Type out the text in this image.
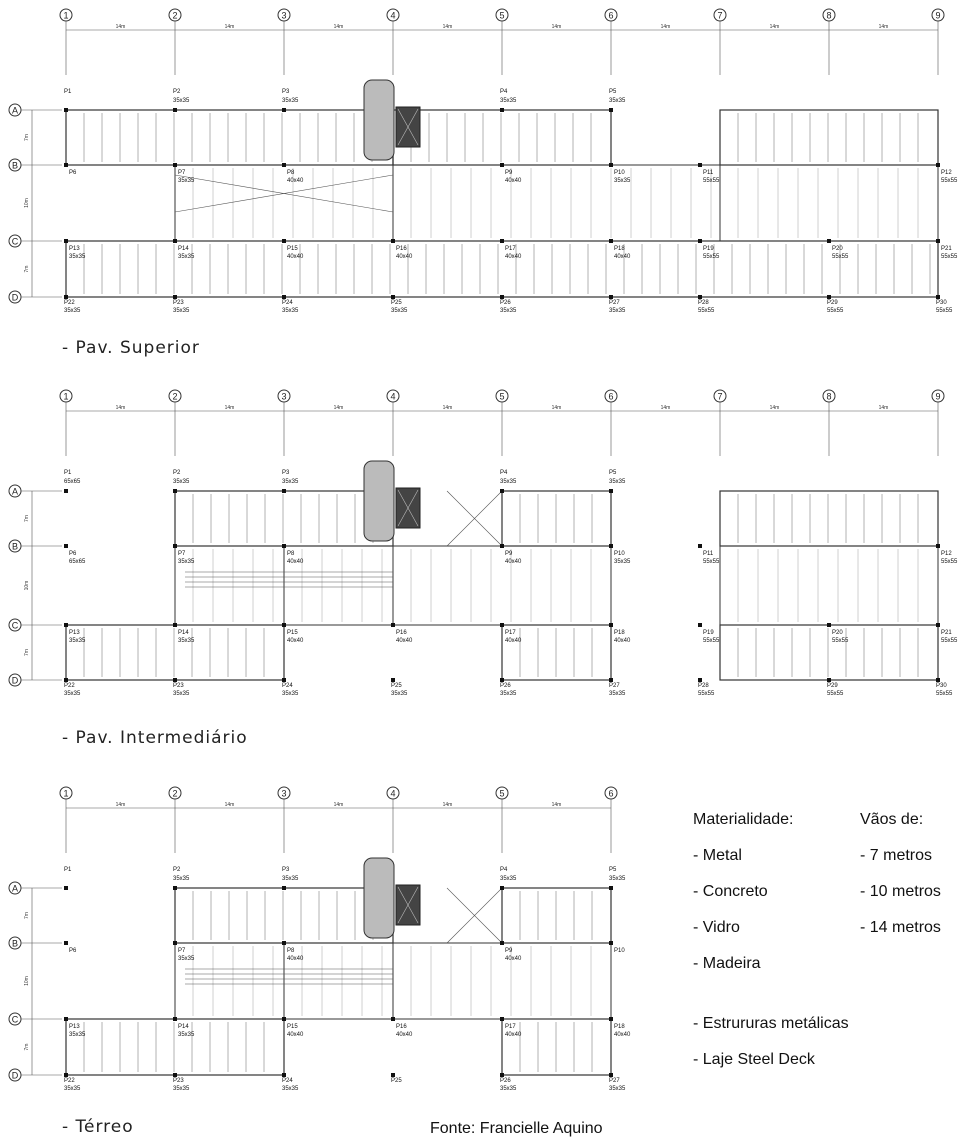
1	2	3	4	5	6	7	8	9
14m	14m	14m	14m	14m	14m	14m	14m
A
B
C
D
7m
10m
7m
P1	P2
35x35
P3
35x35
P4
35x35
P5
35x35
P22
35x35
P23
35x35
P24
35x35
P25
35x35
P26
35x35
P27
35x35
P28
55x55
P29
55x55
P30
55x55
P13
35x35
P14
35x35
P15
40x40
P16
40x40
P17
40x40
P18
40x40
P19
55x55
P20
55x55
P21
55x55
P7
35x35
P8
40x40
P9
40x40
P10
35x35
P11
55x55
P12
55x55
P6
1	2	3	4	5	6	7	8	9
14m	14m	14m	14m	14m	14m	14m	14m
A
B
C
D
7m
10m
7m
P1
65x65
P2
35x35
P3
35x35
P4
35x35
P5
35x35
P22
35x35
P23
35x35
P24
35x35
P25
35x35
P26
35x35
P27
35x35
P28
55x55
P29
55x55
P30
55x55
P6
65x65
P7
35x35
P8
40x40
P9
40x40
P10
35x35
P11
55x55
P12
55x55
P13
35x35
P14
35x35
P15
40x40
P16
40x40
P17
40x40
P18
40x40
P19
55x55
P20
55x55
P21
55x55
1	2	3	4	5	6
14m	14m	14m	14m	14m
A
B
C
D
7m
10m
7m
P1	P2
35x35
P3
35x35
P4
35x35
P5
35x35
P22
35x35
P23
35x35
P24
35x35
P25	P26
35x35
P27
35x35
P6	P7
35x35
P8
40x40
P9
40x40
P10
P13
35x35
P14
35x35
P15
40x40
P16
40x40
P17
40x40
P18
40x40
- Pav. Superior
- Pav. Intermediário
- Térreo
Materialidade:
- Metal
- Concreto
- Vidro
- Madeira
Vãos de:
- 7 metros
- 10 metros
- 14 metros
- Estrururas metálicas
- Laje Steel Deck
Fonte: Francielle Aquino
